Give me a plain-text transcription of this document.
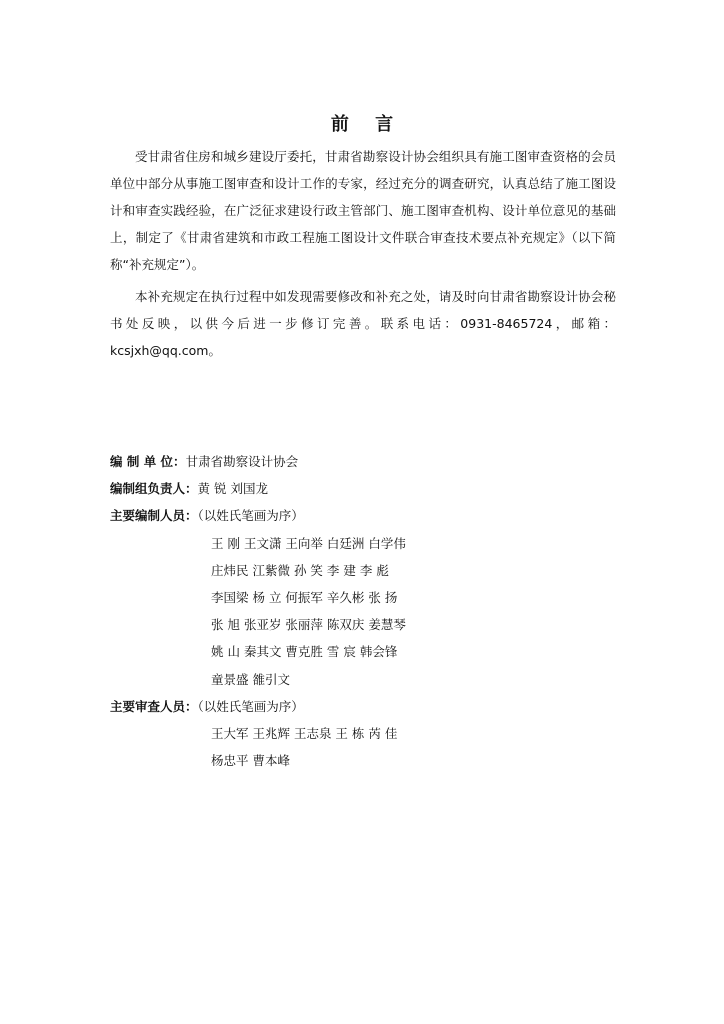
前 言
受甘肃省住房和城乡建设厅委托，甘肃省勘察设计协会组织具有施工图审查资格的会员单位中部分从事施工图审查和设计工作的专家，经过充分的调查研究，认真总结了施工图设计和审查实践经验，在广泛征求建设行政主管部门、施工图审查机构、设计单位意见的基础上，制定了《甘肃省建筑和市政工程施工图设计文件联合审查技术要点补充规定》（以下简称“补充规定”）。
本补充规定在执行过程中如发现需要修改和补充之处，请及时向甘肃省勘察设计协会秘书处反映，以供今后进一步修订完善。联系电话：0931-8465724，邮箱：kcsjxh@qq.com。
编 制 单 位：甘肃省勘察设计协会
编制组负责人：黄 锐 刘国龙
主要编制人员：（以姓氏笔画为序）
王 刚 王文潇 王向举 白廷洲 白学伟
庄炜民 江紫微 孙 笑 李 建 李 彪
李国梁 杨 立 何振军 辛久彬 张 扬
张 旭 张亚岁 张丽萍 陈双庆 姜慧琴
姚 山 秦其文 曹克胜 雪 宸 韩会锋
童景盛 雒引文
主要审查人员：（以姓氏笔画为序）
王大军 王兆辉 王志泉 王 栋 芮 佳
杨忠平 曹本峰
